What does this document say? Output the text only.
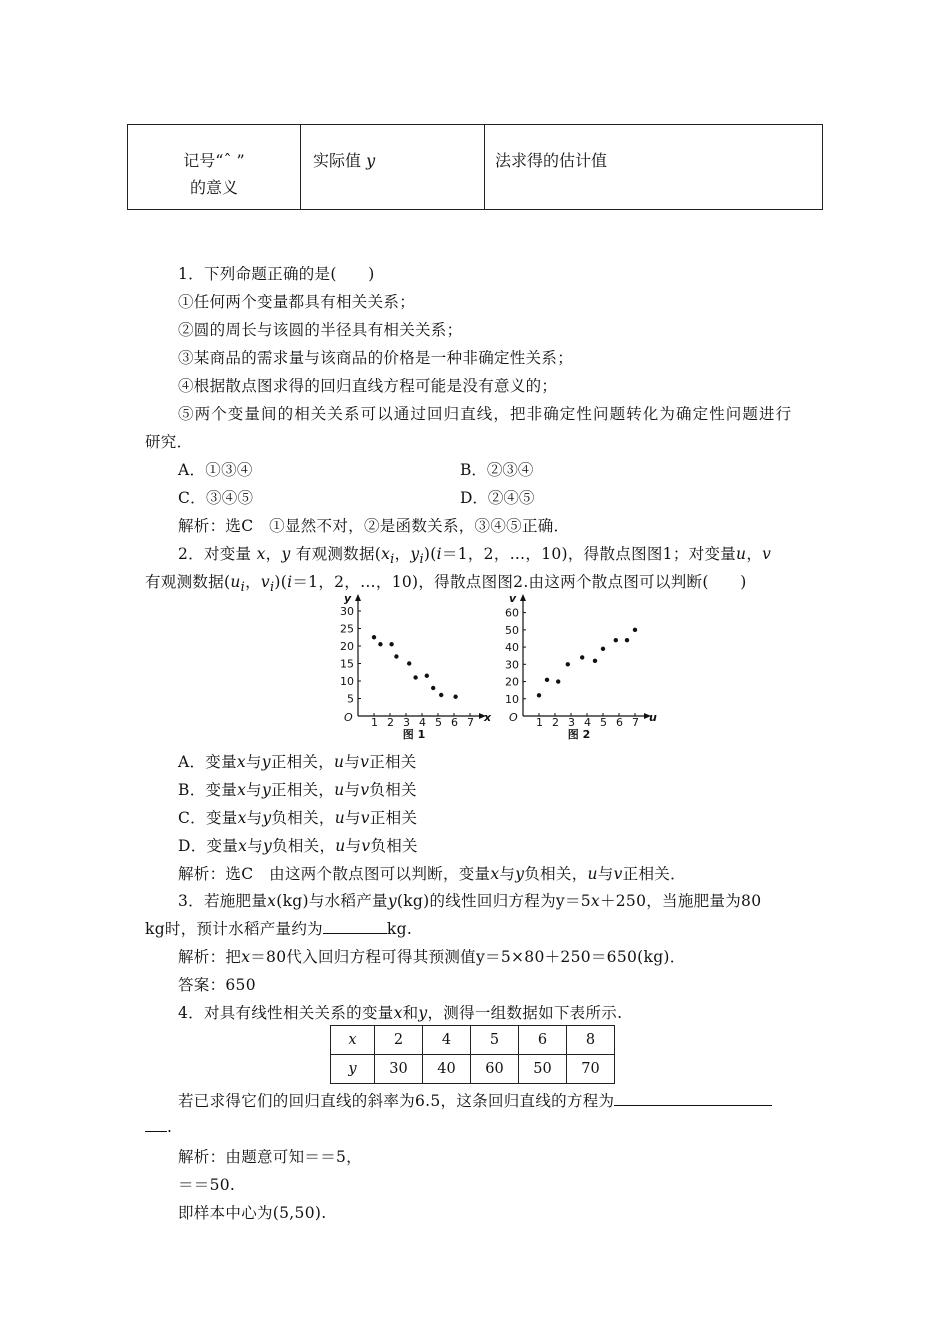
记号“ˆ ”
的意义
	实际值 y	法求得的估计值
1．下列命题正确的是(　　)
①任何两个变量都具有相关关系；
②圆的周长与该圆的半径具有相关关系；
③某商品的需求量与该商品的价格是一种非确定性关系；
④根据散点图求得的回归直线方程可能是没有意义的；
⑤两个变量间的相关关系可以通过回归直线，把非确定性问题转化为确定性问题进行
研究．
A．①③④	B．②③④
C．③④⑤	D．②④⑤
解析：选C　①显然不对，②是函数关系，③④⑤正确．
2．对变量 x，y 有观测数据($x_i$，$y_i)(i=1$，2，…，10)，得散点图图1；对变量u，v
有观测数据($u_i$，$v_i)(i=1$，2，…，10)，得散点图图2.由这两个散点图可以判断(　　)
x
y
O 1 2 3 4 5 6 7
5
10
15
20
25
30
图 1
u
v
O 1 2 3 4 5 6 7
10
20
30
40
50
60
图 2
A．变量x与y正相关，u与v正相关
B．变量x与y正相关，u与v负相关
C．变量x与y负相关，u与v正相关
D．变量x与y负相关，u与v负相关
解析：选C　由这两个散点图可以判断，变量x与y负相关，u与v正相关．
3．若施肥量x(kg)与水稻产量y(kg)的线性回归方程为y＝5x＋250，当施肥量为80
kg时，预计水稻产量约为	kg.
解析：把x＝80代入回归方程可得其预测值y＝5×80＋250＝650(kg)．
答案：650
4．对具有线性相关关系的变量x和y，测得一组数据如下表所示.
x	2	4	5	6	8
y	30	40	60	50	70
若已求得它们的回归直线的斜率为6.5，这条回归直线的方程为
.
解析：由题意可知＝＝5，
＝＝50.
即样本中心为(5,50).
